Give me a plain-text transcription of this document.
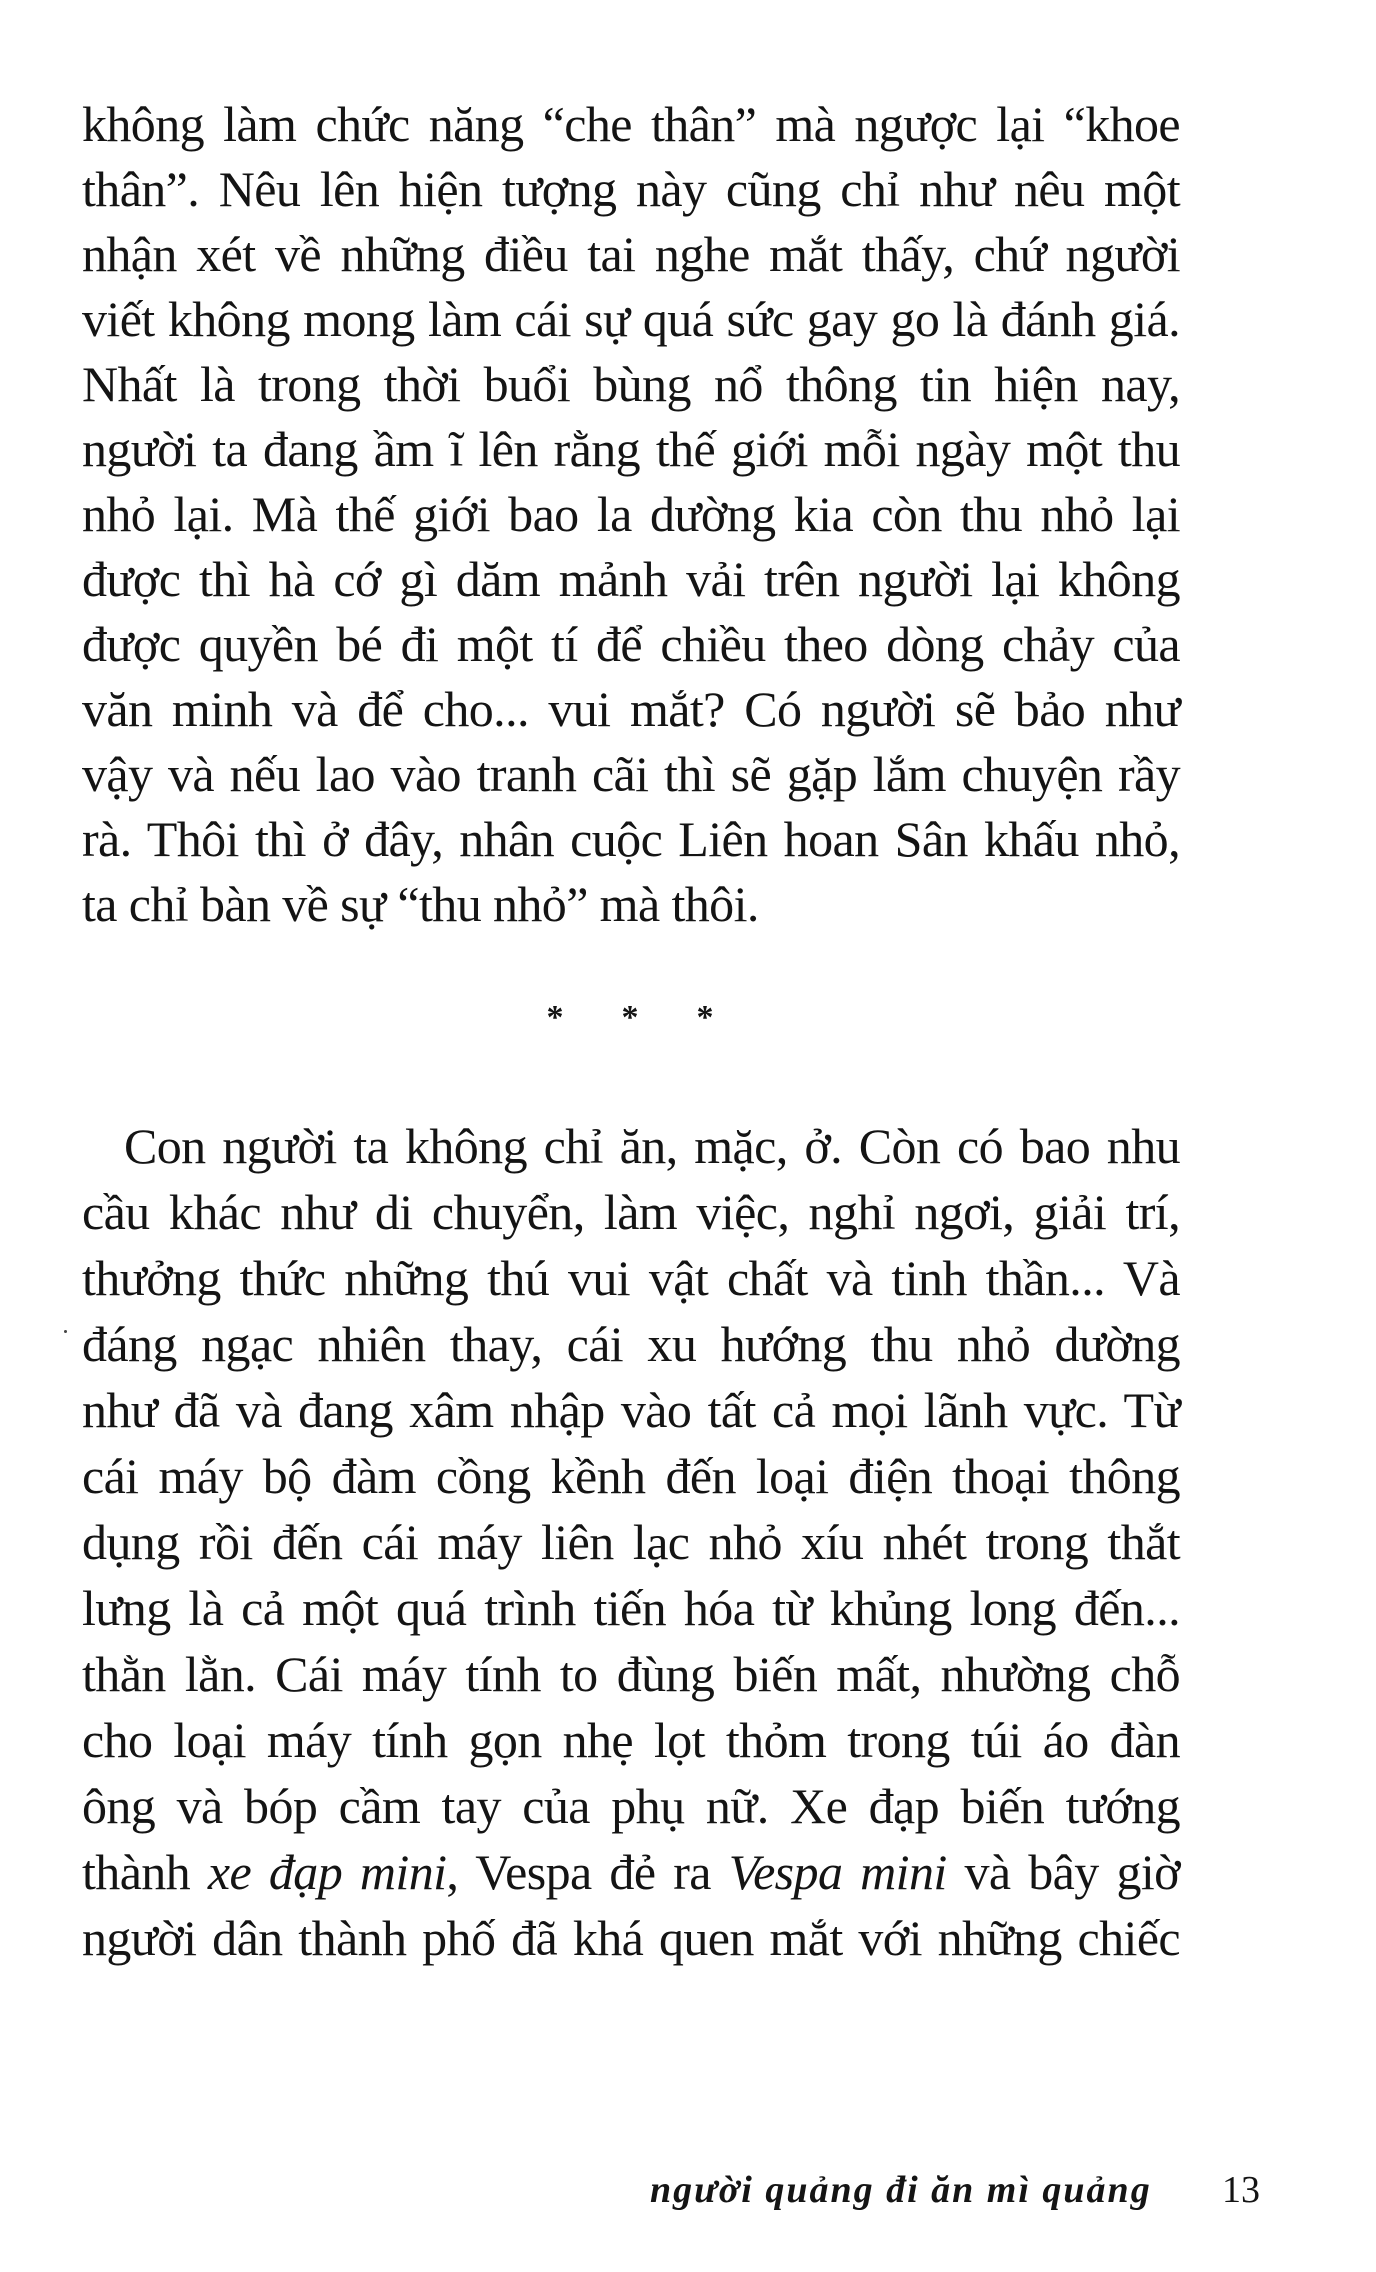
không làm chức năng “che thân” mà ngược lại “khoe
thân”. Nêu lên hiện tượng này cũng chỉ như nêu một
nhận xét về những điều tai nghe mắt thấy, chứ người
viết không mong làm cái sự quá sức gay go là đánh giá.
Nhất là trong thời buổi bùng nổ thông tin hiện nay,
người ta đang ầm ĩ lên rằng thế giới mỗi ngày một thu
nhỏ lại. Mà thế giới bao la dường kia còn thu nhỏ lại
được thì hà cớ gì dăm mảnh vải trên người lại không
được quyền bé đi một tí để chiều theo dòng chảy của
văn minh và để cho... vui mắt? Có người sẽ bảo như
vậy và nếu lao vào tranh cãi thì sẽ gặp lắm chuyện rầy
rà. Thôi thì ở đây, nhân cuộc Liên hoan Sân khấu nhỏ,
ta chỉ bàn về sự “thu nhỏ” mà thôi.
* * *
Con người ta không chỉ ăn, mặc, ở. Còn có bao nhu
cầu khác như di chuyển, làm việc, nghỉ ngơi, giải trí,
thưởng thức những thú vui vật chất và tinh thần... Và
đáng ngạc nhiên thay, cái xu hướng thu nhỏ dường
như đã và đang xâm nhập vào tất cả mọi lãnh vực. Từ
cái máy bộ đàm cồng kềnh đến loại điện thoại thông
dụng rồi đến cái máy liên lạc nhỏ xíu nhét trong thắt
lưng là cả một quá trình tiến hóa từ khủng long đến...
thằn lằn. Cái máy tính to đùng biến mất, nhường chỗ
cho loại máy tính gọn nhẹ lọt thỏm trong túi áo đàn
ông và bóp cầm tay của phụ nữ. Xe đạp biến tướng
thành xe đạp mini, Vespa đẻ ra Vespa mini và bây giờ
người dân thành phố đã khá quen mắt với những chiếc
người quảng đi ăn mì quảng 13
